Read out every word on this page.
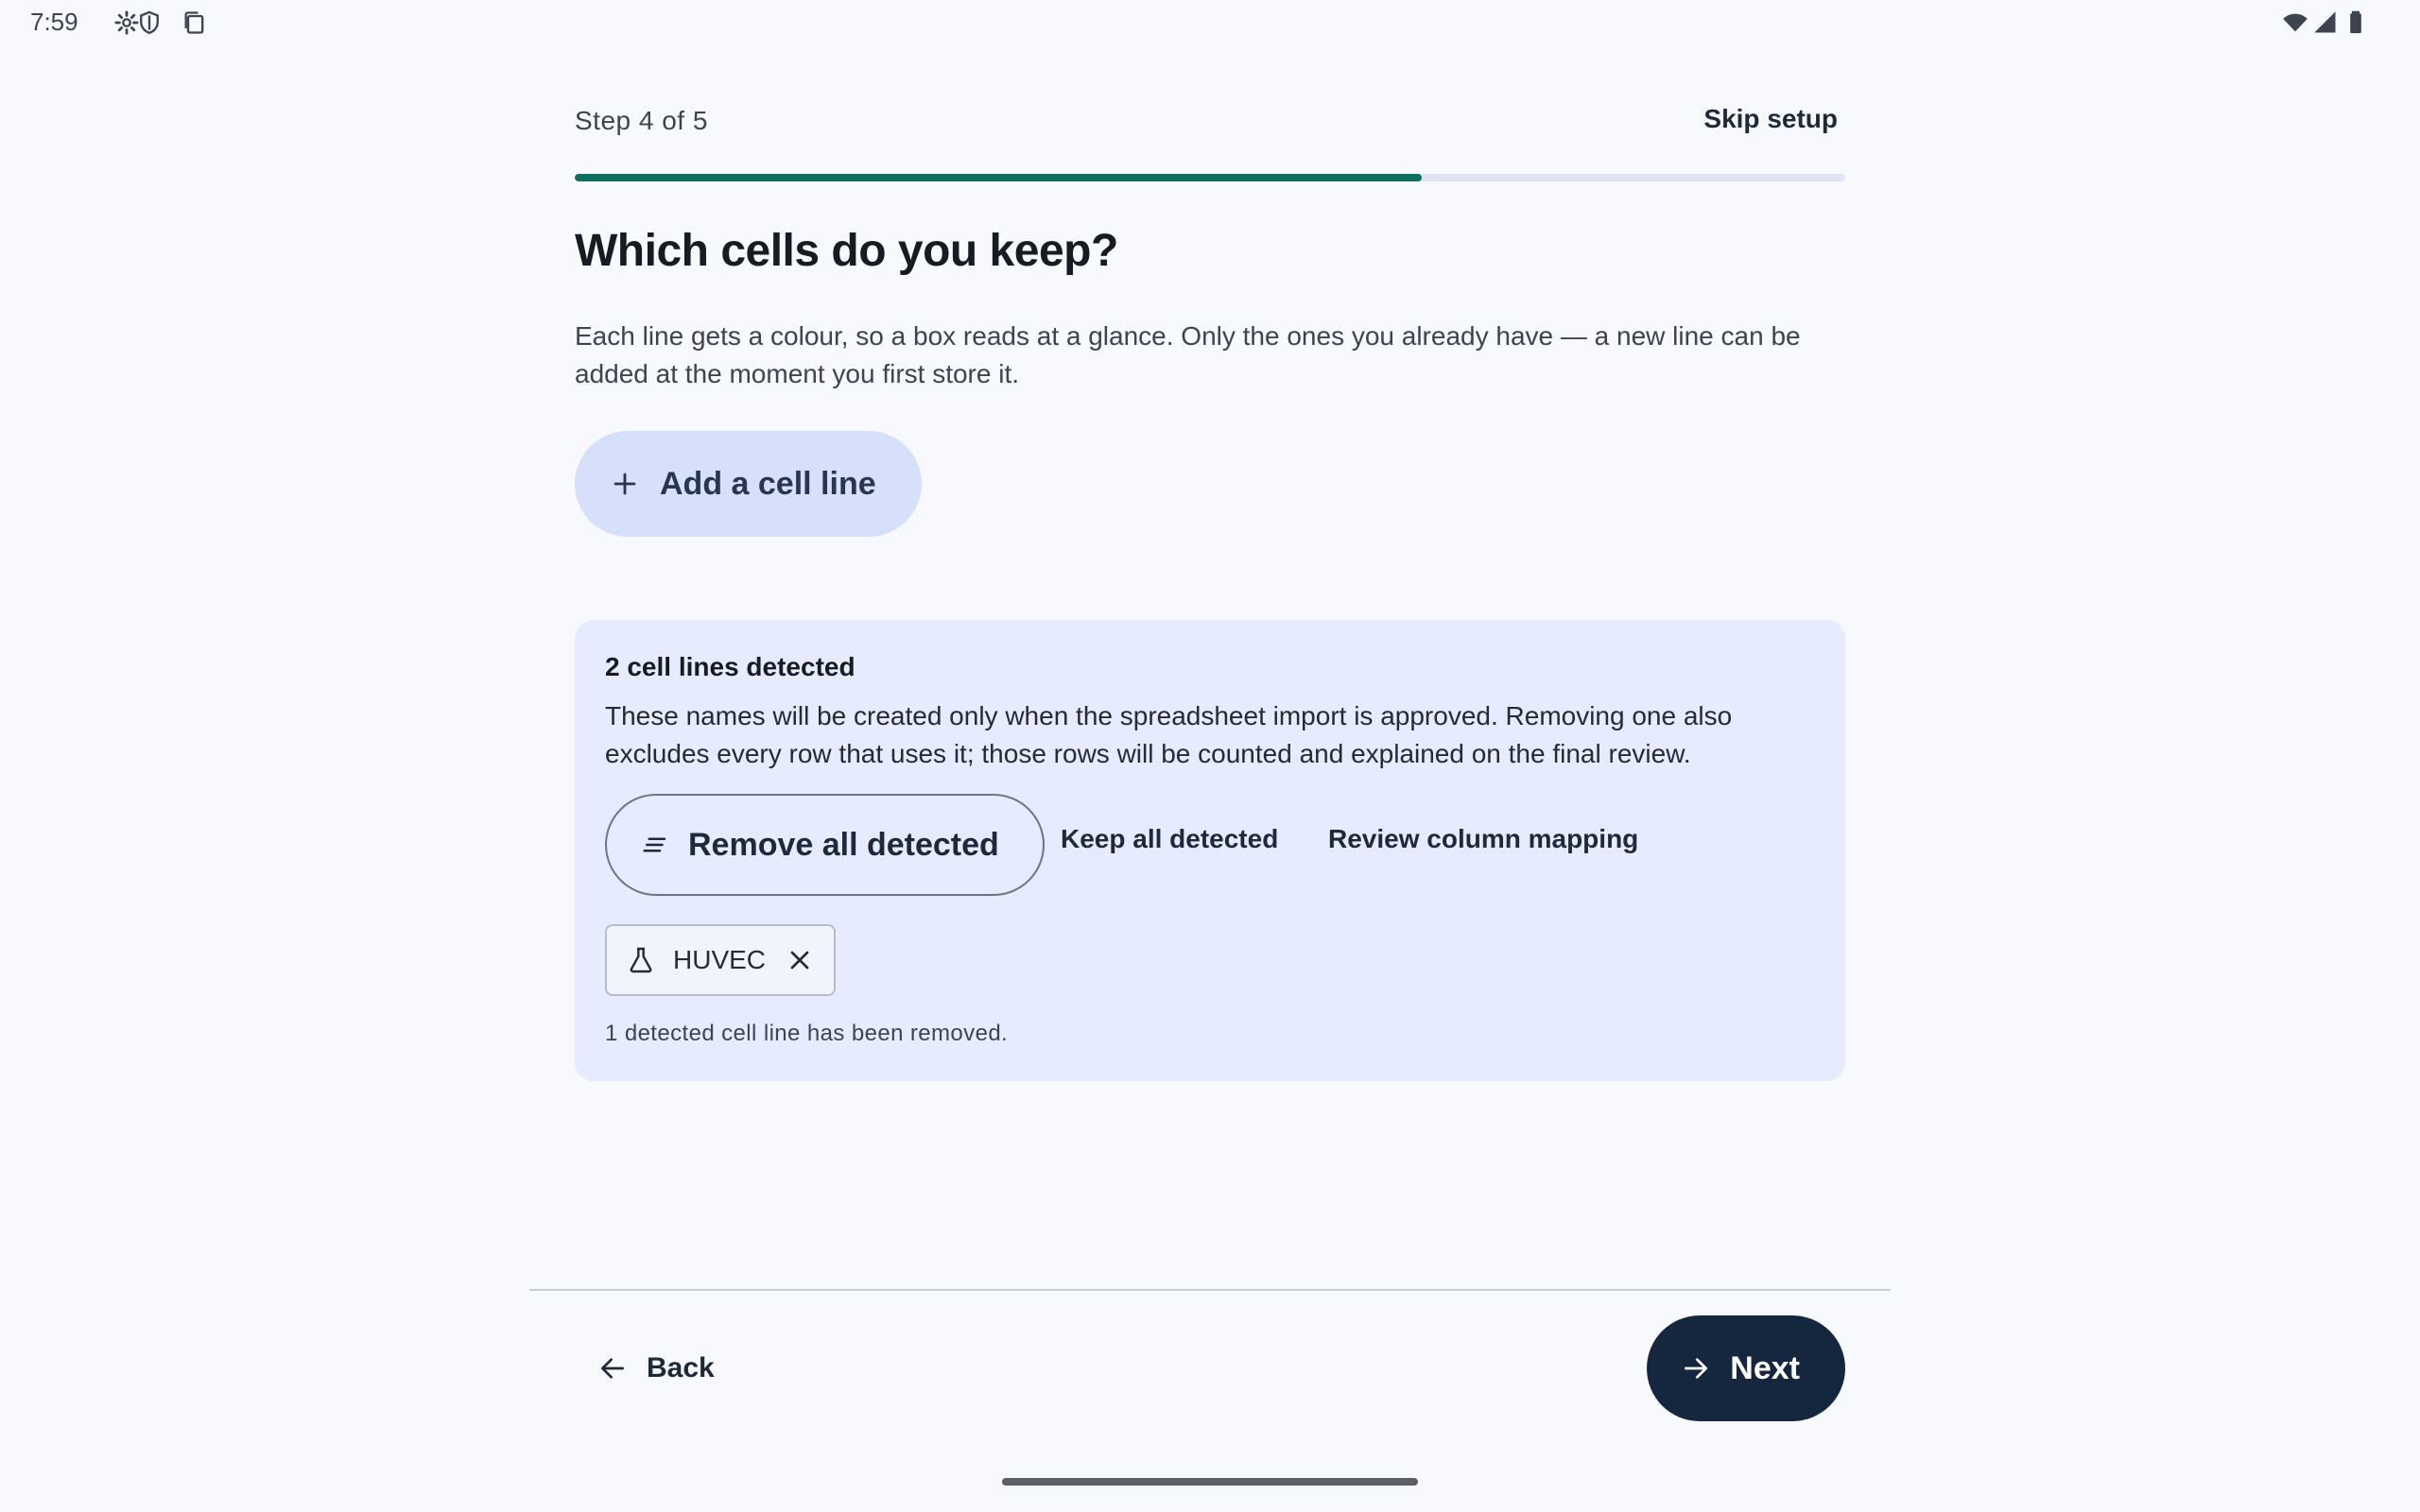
7:59
Step 4 of 5	Skip setup
Which cells do you keep?

Each line gets a colour, so a box reads at a glance. Only the ones you already have — a new line can be added at the moment you first store it.

Add a cell line
2 cell lines detected

These names will be created only when the spreadsheet import is approved. Removing one also excludes every row that uses it; those rows will be counted and explained on the final review.

Remove all detected Keep all detected Review column mapping
HUVEC
1 detected cell line has been removed.
Back	Next
